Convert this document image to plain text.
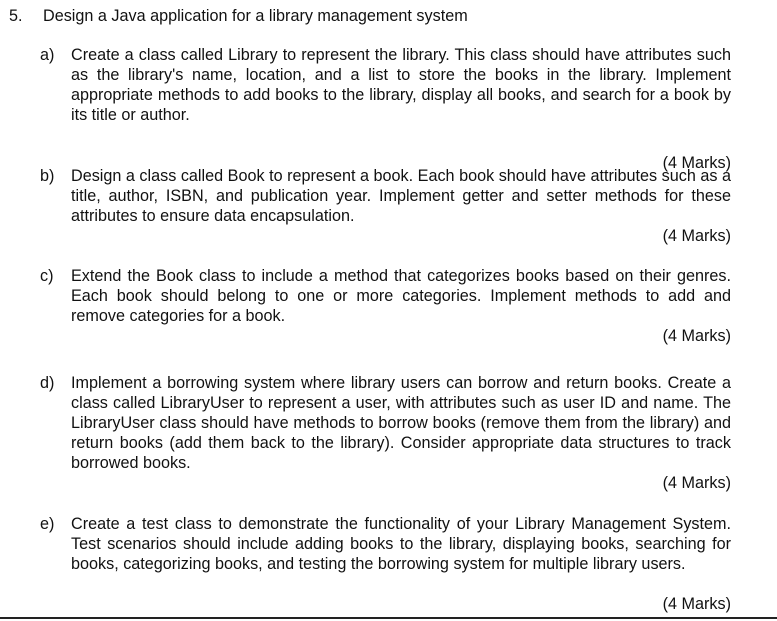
5. Design a Java application for a library management system
a) Create a class called Library to represent the library. This class should have attributes such as the library's name, location, and a list to store the books in the library. Implement appropriate methods to add books to the library, display all books, and search for a book by its title or author.
(4 Marks)
b) Design a class called Book to represent a book. Each book should have attributes such as a title, author, ISBN, and publication year. Implement getter and setter methods for these attributes to ensure data encapsulation.
(4 Marks)
c) Extend the Book class to include a method that categorizes books based on their genres. Each book should belong to one or more categories. Implement methods to add and remove categories for a book.
(4 Marks)
d) Implement a borrowing system where library users can borrow and return books. Create a class called LibraryUser to represent a user, with attributes such as user ID and name. The LibraryUser class should have methods to borrow books (remove them from the library) and return books (add them back to the library). Consider appropriate data structures to track borrowed books.
(4 Marks)
e) Create a test class to demonstrate the functionality of your Library Management System. Test scenarios should include adding books to the library, displaying books, searching for books, categorizing books, and testing the borrowing system for multiple library users.
(4 Marks)
